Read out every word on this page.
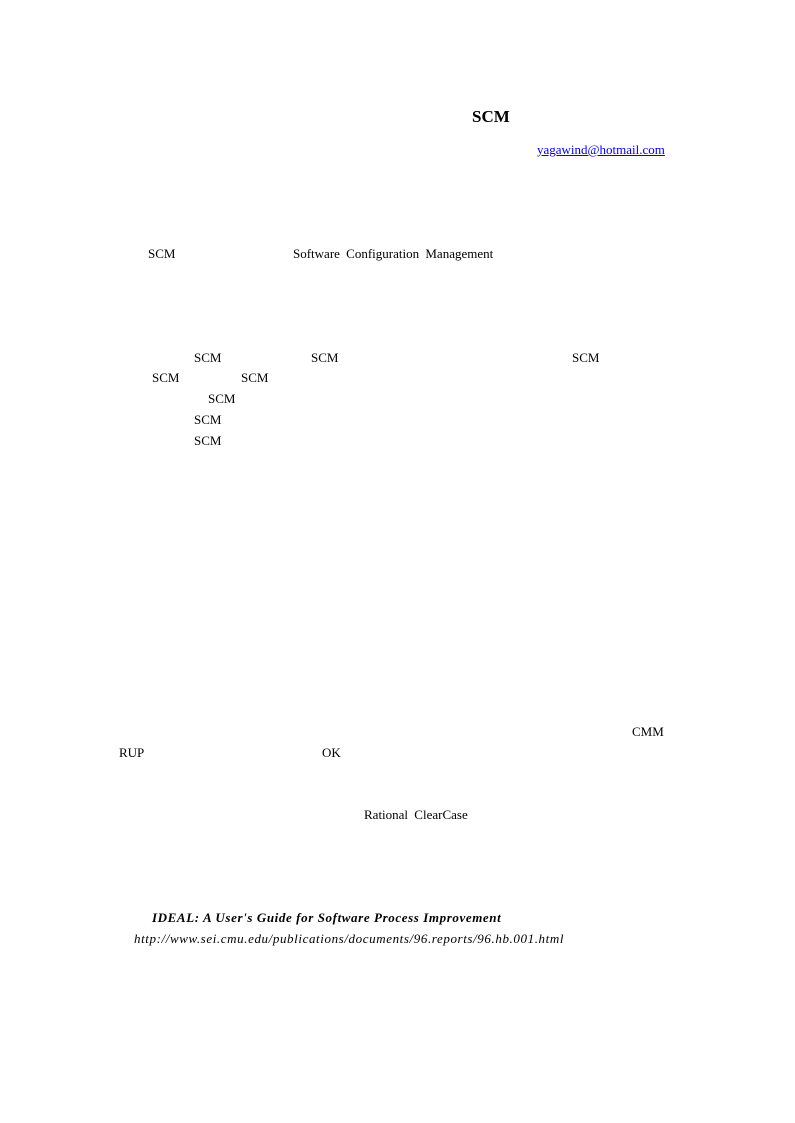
SCM
yagawind@hotmail.com
SCM	Software Configuration Management
SCM	SCM	SCM
SCM	SCM
SCM
SCM
SCM
CMM
RUP	OK
Rational ClearCase
IDEAL: A User's Guide for Software Process Improvement
http://www.sei.cmu.edu/publications/documents/96.reports/96.hb.001.html
